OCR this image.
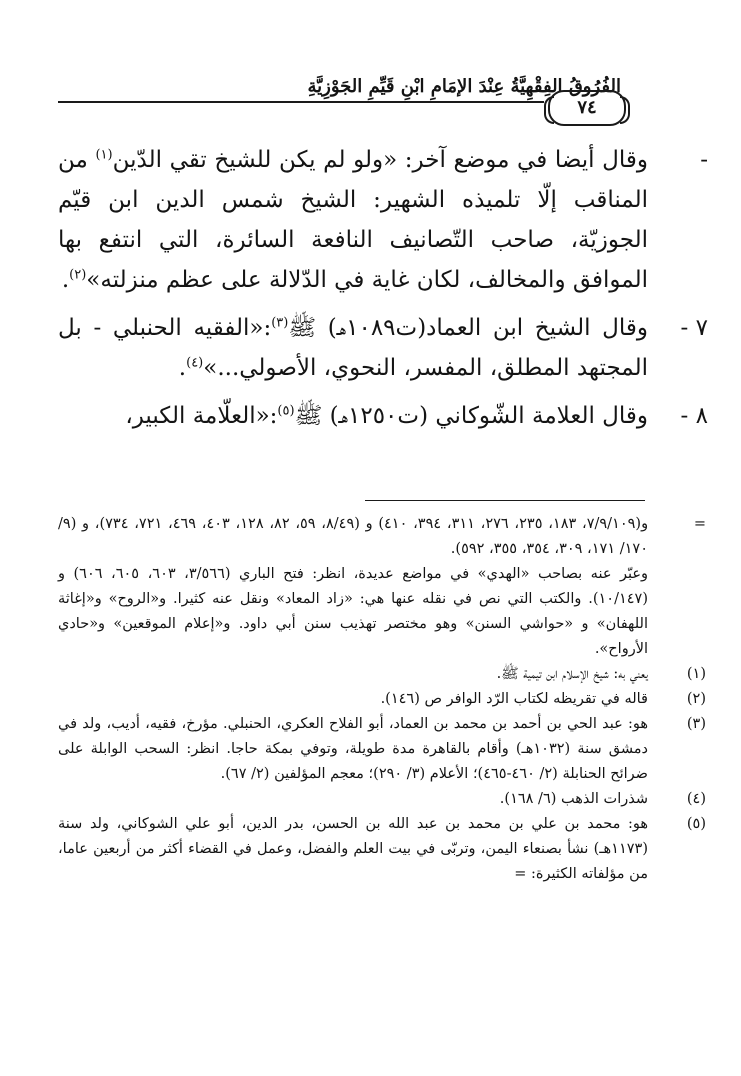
الفُرُوقُ الفِقْهِيَّةُ عِنْدَ الإمَامِ ابْنِ قَيِّمِ الجَوْزِيَّةِ
٧٤
-
وقال أيضا في موضع آخر: «ولو لم يكن للشيخ تقي الدّين$^{(١)}$ من المناقب إلّا تلميذه الشهير: الشيخ شمس الدين ابن قيّم الجوزيّة، صاحب التّصانيف النافعة السائرة، التي انتفع بها الموافق والمخالف، لكان غاية في الدّلالة على عظم منزلته»$^{(٢)}$.
٧ -
وقال الشيخ ابن العماد(ت١٠٨٩هـ) ﷺ$^{(٣)}$:«الفقيه الحنبلي - بل المجتهد المطلق، المفسر، النحوي، الأصولي...»$^{(٤)}$.
٨ -
وقال العلامة الشّوكاني (ت١٢٥٠هـ) ﷺ$^{(٥)}$:«العلّامة الكبير،
=
و(٧/٩/١٠٩، ١٨٣، ٢٣٥، ٢٧٦، ٣١١، ٣٩٤، ٤١٠) و (٨/٤٩، ٥٩، ٨٢، ١٢٨، ٤٠٣، ٤٦٩، ٧٢١، ٧٣٤)، و (٩/ ١٧٠/ ١٧١، ٣٠٩، ٣٥٤، ٣٥٥، ٥٩٢).
وعبّر عنه بصاحب «الهدي» في مواضع عديدة، انظر: فتح الباري (٣/٥٦٦، ٦٠٣، ٦٠٥، ٦٠٦) و (١٠/١٤٧). والكتب التي نص في نقله عنها هي: «زاد المعاد» ونقل عنه كثيرا. و«الروح» و«إغاثة اللهفان» و «حواشي السنن» وهو مختصر تهذيب سنن أبي داود. و«إعلام الموقعين» و«حادي الأرواح».
(١)
يعني به: شيخ الإسلام ابن تيمية ﷺ.
(٢)
قاله في تقريظه لكتاب الرّد الوافر ص (١٤٦).
(٣)
هو: عبد الحي بن أحمد بن محمد بن العماد، أبو الفلاح العكري، الحنبلي. مؤرخ، فقيه، أديب، ولد في دمشق سنة (١٠٣٢هـ) وأقام بالقاهرة مدة طويلة، وتوفي بمكة حاجا. انظر: السحب الوابلة على ضرائح الحنابلة (٢/ ٤٦٠-٤٦٥)؛ الأعلام (٣/ ٢٩٠)؛ معجم المؤلفين (٢/ ٦٧).
(٤)
شذرات الذهب (٦/ ١٦٨).
(٥)
هو: محمد بن علي بن محمد بن عبد الله بن الحسن، بدر الدين، أبو علي الشوكاني، ولد سنة (١١٧٣هـ) نشأ بصنعاء اليمن، وتربّى في بيت العلم والفضل، وعمل في القضاء أكثر من أربعين عاما، من مؤلفاته الكثيرة: =
